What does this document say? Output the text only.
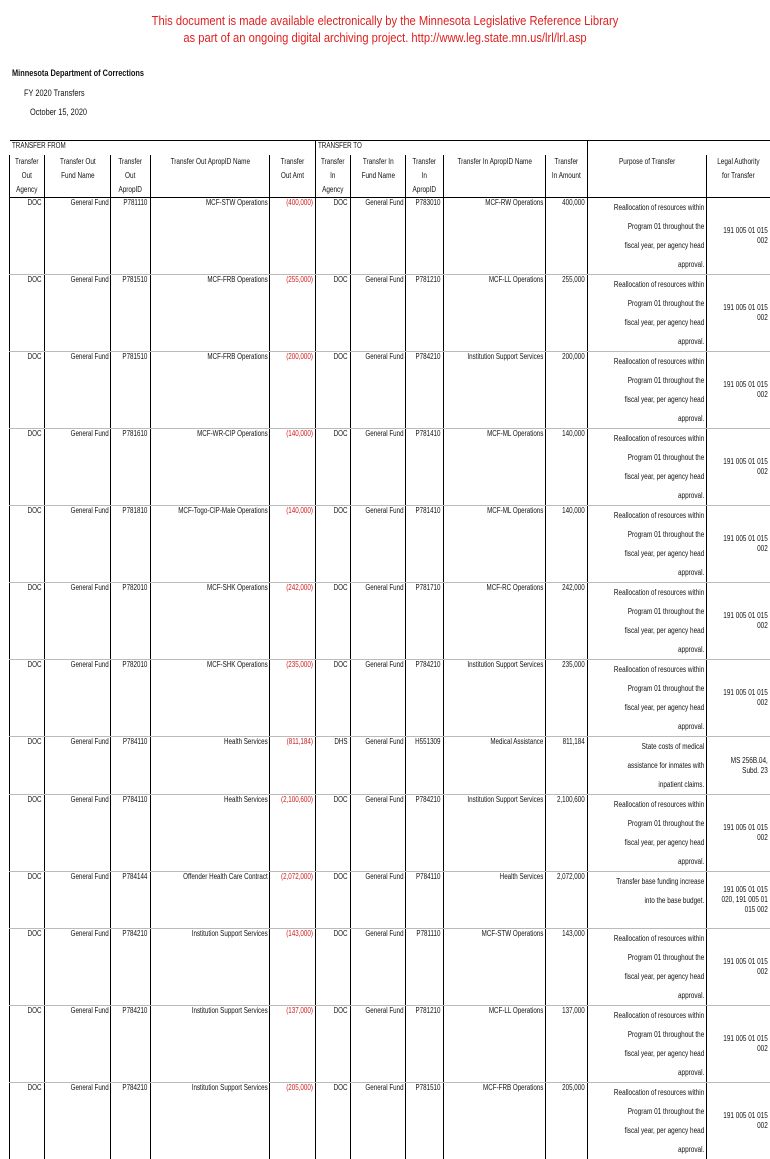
This document is made available electronically by the Minnesota Legislative Reference Library
as part of an ongoing digital archiving project. http://www.leg.state.mn.us/lrl/lrl.asp
Minnesota Department of Corrections
FY 2020 Transfers
October 15, 2020
TRANSFER FROM					TRANSFER TO						

Transfer Out Agency	Transfer Out Fund Name	Transfer Out ApropID	Transfer Out ApropID Name	Transfer Out Amt	Transfer In Agency	Transfer In Fund Name	Transfer In ApropID	Transfer In ApropID Name	Transfer In Amount	Purpose of Transfer	Legal Authority for Transfer

DOC	General Fund	P781110	MCF-STW Operations	(400,000)	DOC	General Fund	P783010	MCF-RW Operations	400,000	Reallocation of resources within Program 01 throughout the fiscal year, per agency head approval.	191 005 01 015 002

DOC	General Fund	P781510	MCF-FRB Operations	(255,000)	DOC	General Fund	P781210	MCF-LL Operations	255,000	Reallocation of resources within Program 01 throughout the fiscal year, per agency head approval.	191 005 01 015 002

DOC	General Fund	P781510	MCF-FRB Operations	(200,000)	DOC	General Fund	P784210	Institution Support Services	200,000	Reallocation of resources within Program 01 throughout the fiscal year, per agency head approval.	191 005 01 015 002

DOC	General Fund	P781610	MCF-WR-CIP Operations	(140,000)	DOC	General Fund	P781410	MCF-ML Operations	140,000	Reallocation of resources within Program 01 throughout the fiscal year, per agency head approval.	191 005 01 015 002

DOC	General Fund	P781810	MCF-Togo-CIP-Male Operations	(140,000)	DOC	General Fund	P781410	MCF-ML Operations	140,000	Reallocation of resources within Program 01 throughout the fiscal year, per agency head approval.	191 005 01 015 002

DOC	General Fund	P782010	MCF-SHK Operations	(242,000)	DOC	General Fund	P781710	MCF-RC Operations	242,000	Reallocation of resources within Program 01 throughout the fiscal year, per agency head approval.	191 005 01 015 002

DOC	General Fund	P782010	MCF-SHK Operations	(235,000)	DOC	General Fund	P784210	Institution Support Services	235,000	Reallocation of resources within Program 01 throughout the fiscal year, per agency head approval.	191 005 01 015 002

DOC	General Fund	P784110	Health Services	(811,184)	DHS	General Fund	H551309	Medical Assistance	811,184	State costs of medical assistance for inmates with inpatient claims.	MS 256B.04, Subd. 23

DOC	General Fund	P784110	Health Services	(2,100,600)	DOC	General Fund	P784210	Institution Support Services	2,100,600	Reallocation of resources within Program 01 throughout the fiscal year, per agency head approval.	191 005 01 015 002

DOC	General Fund	P784144	Offender Health Care Contract	(2,072,000)	DOC	General Fund	P784110	Health Services	2,072,000	Transfer base funding increase into the base budget.	191 005 01 015 020, 191 005 01 015 002

DOC	General Fund	P784210	Institution Support Services	(143,000)	DOC	General Fund	P781110	MCF-STW Operations	143,000	Reallocation of resources within Program 01 throughout the fiscal year, per agency head approval.	191 005 01 015 002

DOC	General Fund	P784210	Institution Support Services	(137,000)	DOC	General Fund	P781210	MCF-LL Operations	137,000	Reallocation of resources within Program 01 throughout the fiscal year, per agency head approval.	191 005 01 015 002

DOC	General Fund	P784210	Institution Support Services	(205,000)	DOC	General Fund	P781510	MCF-FRB Operations	205,000	Reallocation of resources within Program 01 throughout the fiscal year, per agency head approval.	191 005 01 015 002
